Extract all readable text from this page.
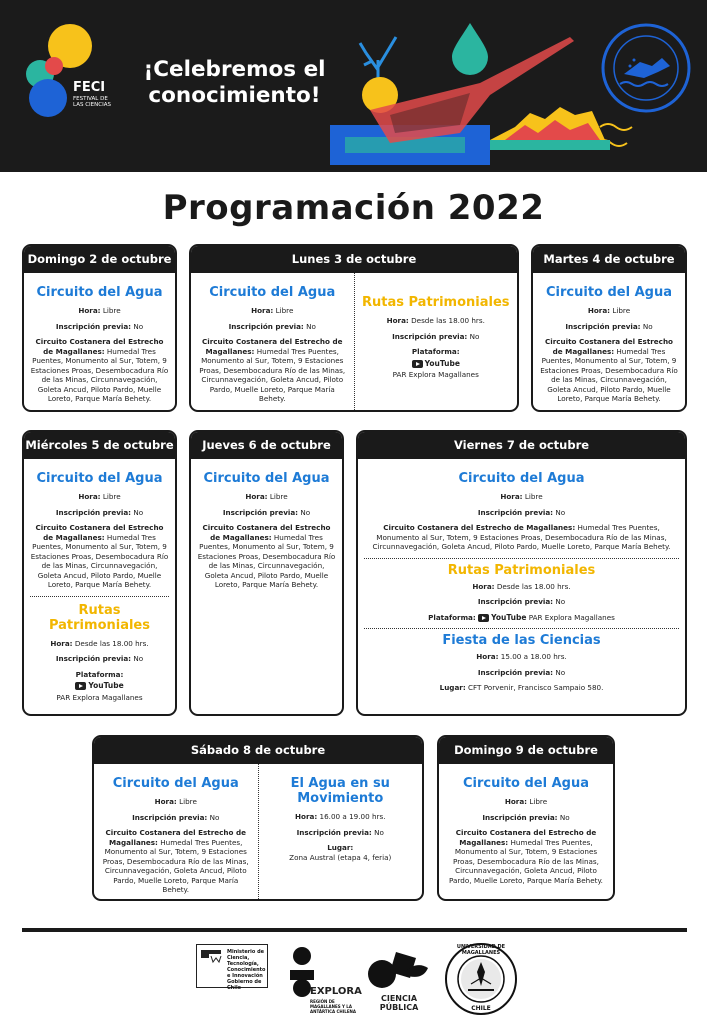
FECI
FESTIVAL DE LAS CIENCIAS
¡Celebremos el conocimiento!
Programación 2022
Domingo 2 de octubre
Circuito del Agua
Hora: Libre
Inscripción previa: No
Circuito Costanera del Estrecho de Magallanes: Humedal Tres Puentes, Monumento al Sur, Totem, 9 Estaciones Proas, Desembocadura Río de las Minas, Circunnavegación, Goleta Ancud, Piloto Pardo, Muelle Loreto, Parque María Behety.
Lunes 3 de octubre
Circuito del Agua
Hora: Libre
Inscripción previa: No
Circuito Costanera del Estrecho de Magallanes: Humedal Tres Puentes, Monumento al Sur, Totem, 9 Estaciones Proas, Desembocadura Río de las Minas, Circunnavegación, Goleta Ancud, Piloto Pardo, Muelle Loreto, Parque María Behety.
Rutas Patrimoniales
Hora: Desde las 18.00 hrs.
Inscripción previa: No
Plataforma:
YouTube
PAR Explora Magallanes
Martes 4 de octubre
Circuito del Agua
Hora: Libre
Inscripción previa: No
Circuito Costanera del Estrecho de Magallanes: Humedal Tres Puentes, Monumento al Sur, Totem, 9 Estaciones Proas, Desembocadura Río de las Minas, Circunnavegación, Goleta Ancud, Piloto Pardo, Muelle Loreto, Parque María Behety.
Miércoles 5 de octubre
Circuito del Agua
Hora: Libre
Inscripción previa: No
Circuito Costanera del Estrecho de Magallanes: Humedal Tres Puentes, Monumento al Sur, Totem, 9 Estaciones Proas, Desembocadura Río de las Minas, Circunnavegación, Goleta Ancud, Piloto Pardo, Muelle Loreto, Parque María Behety.
Rutas Patrimoniales
Hora: Desde las 18.00 hrs.
Inscripción previa: No
Plataforma:
YouTube
PAR Explora Magallanes
Jueves 6 de octubre
Circuito del Agua
Hora: Libre
Inscripción previa: No
Circuito Costanera del Estrecho de Magallanes: Humedal Tres Puentes, Monumento al Sur, Totem, 9 Estaciones Proas, Desembocadura Río de las Minas, Circunnavegación, Goleta Ancud, Piloto Pardo, Muelle Loreto, Parque María Behety.
Viernes 7 de octubre
Circuito del Agua
Hora: Libre
Inscripción previa: No
Circuito Costanera del Estrecho de Magallanes: Humedal Tres Puentes, Monumento al Sur, Totem, 9 Estaciones Proas, Desembocadura Río de las Minas, Circunnavegación, Goleta Ancud, Piloto Pardo, Muelle Loreto, Parque María Behety.
Rutas Patrimoniales
Hora: Desde las 18.00 hrs.
Inscripción previa: No
Plataforma: YouTube PAR Explora Magallanes
Fiesta de las Ciencias
Hora: 15.00 a 18.00 hrs.
Inscripción previa: No
Lugar: CFT Porvenir, Francisco Sampaio 580.
Sábado 8 de octubre
Circuito del Agua
Hora: Libre
Inscripción previa: No
Circuito Costanera del Estrecho de Magallanes: Humedal Tres Puentes, Monumento al Sur, Totem, 9 Estaciones Proas, Desembocadura Río de las Minas, Circunnavegación, Goleta Ancud, Piloto Pardo, Muelle Loreto, Parque María Behety.
El Agua en su Movimiento
Hora: 16.00 a 19.00 hrs.
Inscripción previa: No
Lugar:
Zona Austral (etapa 4, feria)
Domingo 9 de octubre
Circuito del Agua
Hora: Libre
Inscripción previa: No
Circuito Costanera del Estrecho de Magallanes: Humedal Tres Puentes, Monumento al Sur, Totem, 9 Estaciones Proas, Desembocadura Río de las Minas, Circunnavegación, Goleta Ancud, Piloto Pardo, Muelle Loreto, Parque María Behety.
Ministerio de Ciencia, Tecnología, Conocimiento e Innovación
Gobierno de Chile	EXPLORA
REGIÓN DE MAGALLANES Y LA ANTÁRTICA CHILENA
CIENCIA PÚBLICA
UNIVERSIDAD DE MAGALLANES
CHILE
